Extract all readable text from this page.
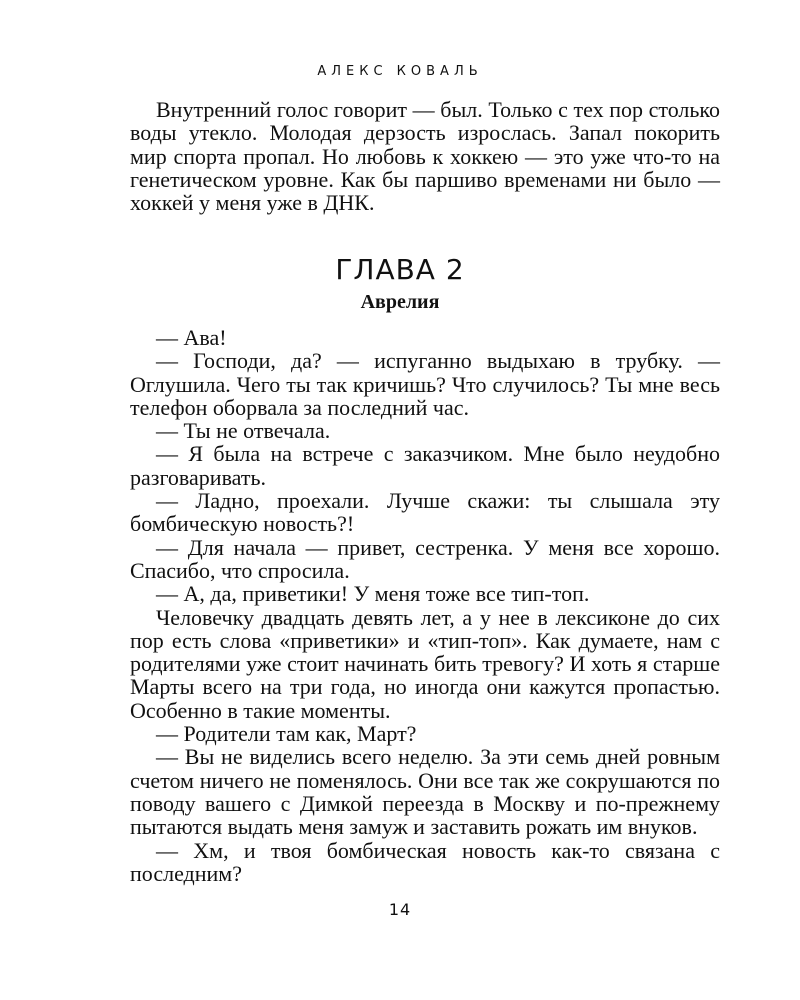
АЛЕКС КОВАЛЬ

Внутренний голос говорит — был. Только с тех пор столько воды утекло. Молодая дерзость изрослась. Запал покорить мир спорта пропал. Но любовь к хоккею — это уже что-то на генетическом уровне. Как бы паршиво временами ни было — хоккей у меня уже в ДНК.

ГЛАВА 2
Аврелия

— Ава!

— Господи, да? — испуганно выдыхаю в трубку. — Оглушила. Чего ты так кричишь? Что случилось? Ты мне весь телефон оборвала за последний час.

— Ты не отвечала.

— Я была на встрече с заказчиком. Мне было неудобно разговаривать.

— Ладно, проехали. Лучше скажи: ты слышала эту бомбическую новость?!

— Для начала — привет, сестренка. У меня все хорошо. Спасибо, что спросила.

— А, да, приветики! У меня тоже все тип-топ.

Человечку двадцать девять лет, а у нее в лексиконе до сих пор есть слова «приветики» и «тип-топ». Как думаете, нам с родителями уже стоит начинать бить тревогу? И хоть я старше Марты всего на три года, но иногда они кажутся пропастью. Особенно в такие моменты.

— Родители там как, Март?

— Вы не виделись всего неделю. За эти семь дней ровным счетом ничего не поменялось. Они все так же сокрушаются по поводу вашего с Димкой переезда в Москву и по-прежнему пытаются выдать меня замуж и заставить рожать им внуков.

— Хм, и твоя бомбическая новость как-то связана с последним?

14
